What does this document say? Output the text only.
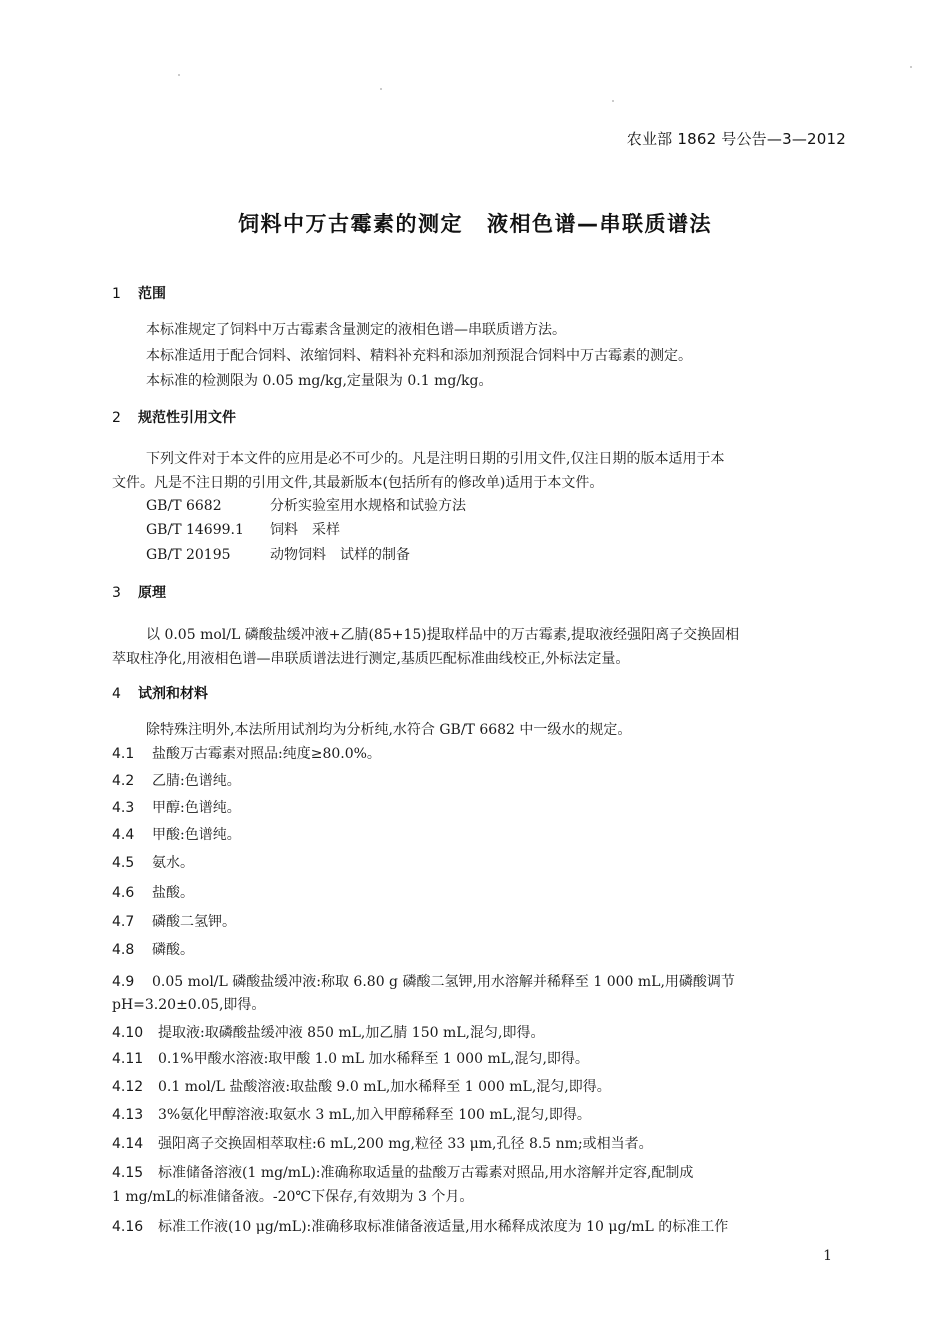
农业部 1862 号公告—3—2012
饲料中万古霉素的测定 液相色谱—串联质谱法
1 范围
本标准规定了饲料中万古霉素含量测定的液相色谱—串联质谱方法。
本标准适用于配合饲料、浓缩饲料、精料补充料和添加剂预混合饲料中万古霉素的测定。
本标准的检测限为 0.05 mg/kg,定量限为 0.1 mg/kg。
2 规范性引用文件
下列文件对于本文件的应用是必不可少的。凡是注明日期的引用文件,仅注日期的版本适用于本
文件。凡是不注日期的引用文件,其最新版本(包括所有的修改单)适用于本文件。
GB/T 6682	分析实验室用水规格和试验方法
GB/T 14699.1 饲料　采样
GB/T 20195	动物饲料　试样的制备
3 原理
以 0.05 mol/L 磷酸盐缓冲液+乙腈(85+15)提取样品中的万古霉素,提取液经强阳离子交换固相
萃取柱净化,用液相色谱—串联质谱法进行测定,基质匹配标准曲线校正,外标法定量。
4 试剂和材料
除特殊注明外,本法所用试剂均为分析纯,水符合 GB/T 6682 中一级水的规定。
4.1 盐酸万古霉素对照品:纯度≥80.0%。
4.2 乙腈:色谱纯。
4.3 甲醇:色谱纯。
4.4 甲酸:色谱纯。
4.5 氨水。
4.6 盐酸。
4.7 磷酸二氢钾。
4.8 磷酸。
4.9 0.05 mol/L 磷酸盐缓冲液:称取 6.80 g 磷酸二氢钾,用水溶解并稀释至 1 000 mL,用磷酸调节
pH=3.20±0.05,即得。
4.10 提取液:取磷酸盐缓冲液 850 mL,加乙腈 150 mL,混匀,即得。
4.11 0.1%甲酸水溶液:取甲酸 1.0 mL 加水稀释至 1 000 mL,混匀,即得。
4.12 0.1 mol/L 盐酸溶液:取盐酸 9.0 mL,加水稀释至 1 000 mL,混匀,即得。
4.13 3%氨化甲醇溶液:取氨水 3 mL,加入甲醇稀释至 100 mL,混匀,即得。
4.14 强阳离子交换固相萃取柱:6 mL,200 mg,粒径 33 μm,孔径 8.5 nm;或相当者。
4.15 标准储备溶液(1 mg/mL):准确称取适量的盐酸万古霉素对照品,用水溶解并定容,配制成
1 mg/mL的标准储备液。-20℃下保存,有效期为 3 个月。
4.16 标准工作液(10 μg/mL):准确移取标准储备液适量,用水稀释成浓度为 10 μg/mL 的标准工作
1
